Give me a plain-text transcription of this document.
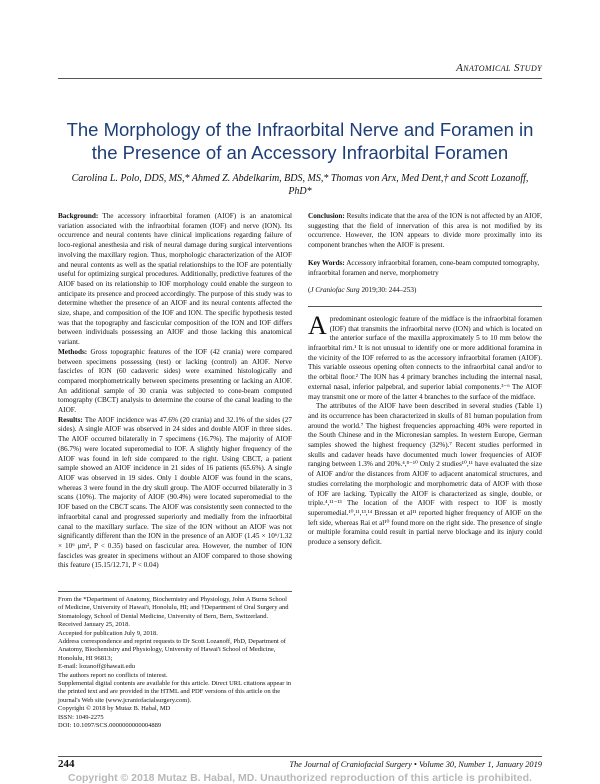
Anatomical Study
The Morphology of the Infraorbital Nerve and Foramen in the Presence of an Accessory Infraorbital Foramen
Carolina L. Polo, DDS, MS,* Ahmed Z. Abdelkarim, BDS, MS,* Thomas von Arx, Med Dent,† and Scott Lozanoff, PhD*

Background: The accessory infraorbital foramen (AIOF) is an anatomical variation associated with the infraorbital foramen (IOF) and nerve (ION). Its occurrence and neural contents have clinical implications regarding failure of loco-regional anesthesia and risk of neural damage during surgical interventions involving the maxillary region. Thus, morphologic characterization of the AIOF and neural contents as well as the spatial relationships to the IOF are potentially useful for optimizing surgical procedures. Additionally, predictive features of the AIOF based on its relationship to IOF morphology could enable the surgeon to anticipate its presence and proceed accordingly. The purpose of this study was to determine whether the presence of an AIOF and its neural contents affected the size, shape, and composition of the IOF and ION. The specific hypothesis tested was that the topography and fascicular composition of the ION and IOF differs between individuals possessing an AIOF and those lacking this anatomical variant.

Methods: Gross topographic features of the IOF (42 crania) were compared between specimens possessing (test) or lacking (control) an AIOF. Nerve fascicles of ION (60 cadaveric sides) were examined histologically and compared morphometrically between specimens presenting or lacking an AIOF. An additional sample of 30 crania was subjected to cone-beam computed tomography (CBCT) analysis to determine the course of the canal leading to the AIOF.

Results: The AIOF incidence was 47.6% (20 crania) and 32.1% of the sides (27 sides). A single AIOF was observed in 24 sides and double AIOF in three sides. The AIOF occurred bilaterally in 7 specimens (16.7%). The majority of AIOF (86.7%) were located superomedial to IOF. A slightly higher frequency of the AIOF was found in left side compared to the right. Using CBCT, a patient sample showed an AIOF incidence in 21 sides of 16 patients (65.6%). A single AIOF was observed in 19 sides. Only 1 double AIOF was found in the scans, whereas 3 were found in the dry skull group. The AIOF occurred bilaterally in 3 scans (10%). The majority of AIOF (90.4%) were located superomedial to the IOF based on the CBCT scans. The AIOF was consistently seen connected to the infraorbital canal and progressed superiorly and medially from the infraorbital canal to the maxillary surface. The size of the ION without an AIOF was not significantly different than the ION in the presence of an AIOF (1.45 × 10⁶/1.32 × 10⁶ μm², P < 0.35) based on fascicular area. However, the number of ION fascicles was greater in specimens without an AIOF compared to those showing this feature (15.15/12.71, P < 0.04)

Conclusion: Results indicate that the area of the ION is not affected by an AIOF, suggesting that the field of innervation of this area is not modified by its occurrence. However, the ION appears to divide more proximally into its component branches when the AIOF is present.

Key Words: Accessory infraorbital foramen, cone-beam computed tomography, infraorbital foramen and nerve, morphometry
(J Craniofac Surg 2019;30: 244–253)

A predominant osteologic feature of the midface is the infraorbital foramen (IOF) that transmits the infraorbital nerve (ION) and which is located on the anterior surface of the maxilla approximately 5 to 10 mm below the infraorbital rim.¹ It is not unusual to identify one or more additional foramina in the vicinity of the IOF referred to as the accessory infraorbital foramen (AIOF). This variable osseous opening often connects to the infraorbital canal and/or to the orbital floor.² The ION has 4 primary branches including the internal nasal, external nasal, inferior palpebral, and superior labial components.³⁻⁶ The AIOF may transmit one or more of the latter 4 branches to the surface of the midface.

The attributes of the AIOF have been described in several studies (Table 1) and its occurrence has been characterized in skulls of 81 human population from around the world.⁷ The highest frequencies approaching 40% were reported in the South Chinese and in the Micronesian samples. In western Europe, German samples showed the highest frequency (32%).⁷ Recent studies performed in skulls and cadaver heads have documented much lower frequencies of AIOF ranging between 1.3% and 20%.⁴,⁸⁻¹⁰ Only 2 studies¹⁰,¹¹ have evaluated the size of AIOF and/or the distances from AIOF to adjacent anatomical structures, and studies correlating the morphologic and morphometric data of AIOF with those of IOF are lacking. Typically the AIOF is characterized as single, double, or triple.⁴,¹¹⁻¹³ The location of the AIOF with respect to IOF is mostly superomedial.¹⁰,¹¹,¹³,¹⁴ Bressan et al¹¹ reported higher frequency of AIOF on the left side, whereas Rai et al¹⁰ found more on the right side. The presence of single or multiple foramina could result in partial nerve blockage and its injury could produce a sensory deficit.

From the *Department of Anatomy, Biochemistry and Physiology, John A Burns School of Medicine, University of Hawai'i, Honolulu, HI; and †Department of Oral Surgery and Stomatology, School of Dental Medicine, University of Bern, Bern, Switzerland.
Received January 25, 2018.
Accepted for publication July 9, 2018.
Address correspondence and reprint requests to Dr Scott Lozanoff, PhD, Department of Anatomy, Biochemistry and Physiology, University of Hawai'i School of Medicine, Honolulu, HI 96813;
E-mail: lozanoff@hawaii.edu
The authors report no conflicts of interest.
Supplemental digital contents are available for this article. Direct URL citations appear in the printed text and are provided in the HTML and PDF versions of this article on the journal's Web site (www.jcraniofacialsurgery.com).
Copyright © 2018 by Mutaz B. Habal, MD
ISSN: 1049-2275
DOI: 10.1097/SCS.0000000000004889
244	The Journal of Craniofacial Surgery • Volume 30, Number 1, January 2019
Copyright © 2018 Mutaz B. Habal, MD. Unauthorized reproduction of this article is prohibited.
